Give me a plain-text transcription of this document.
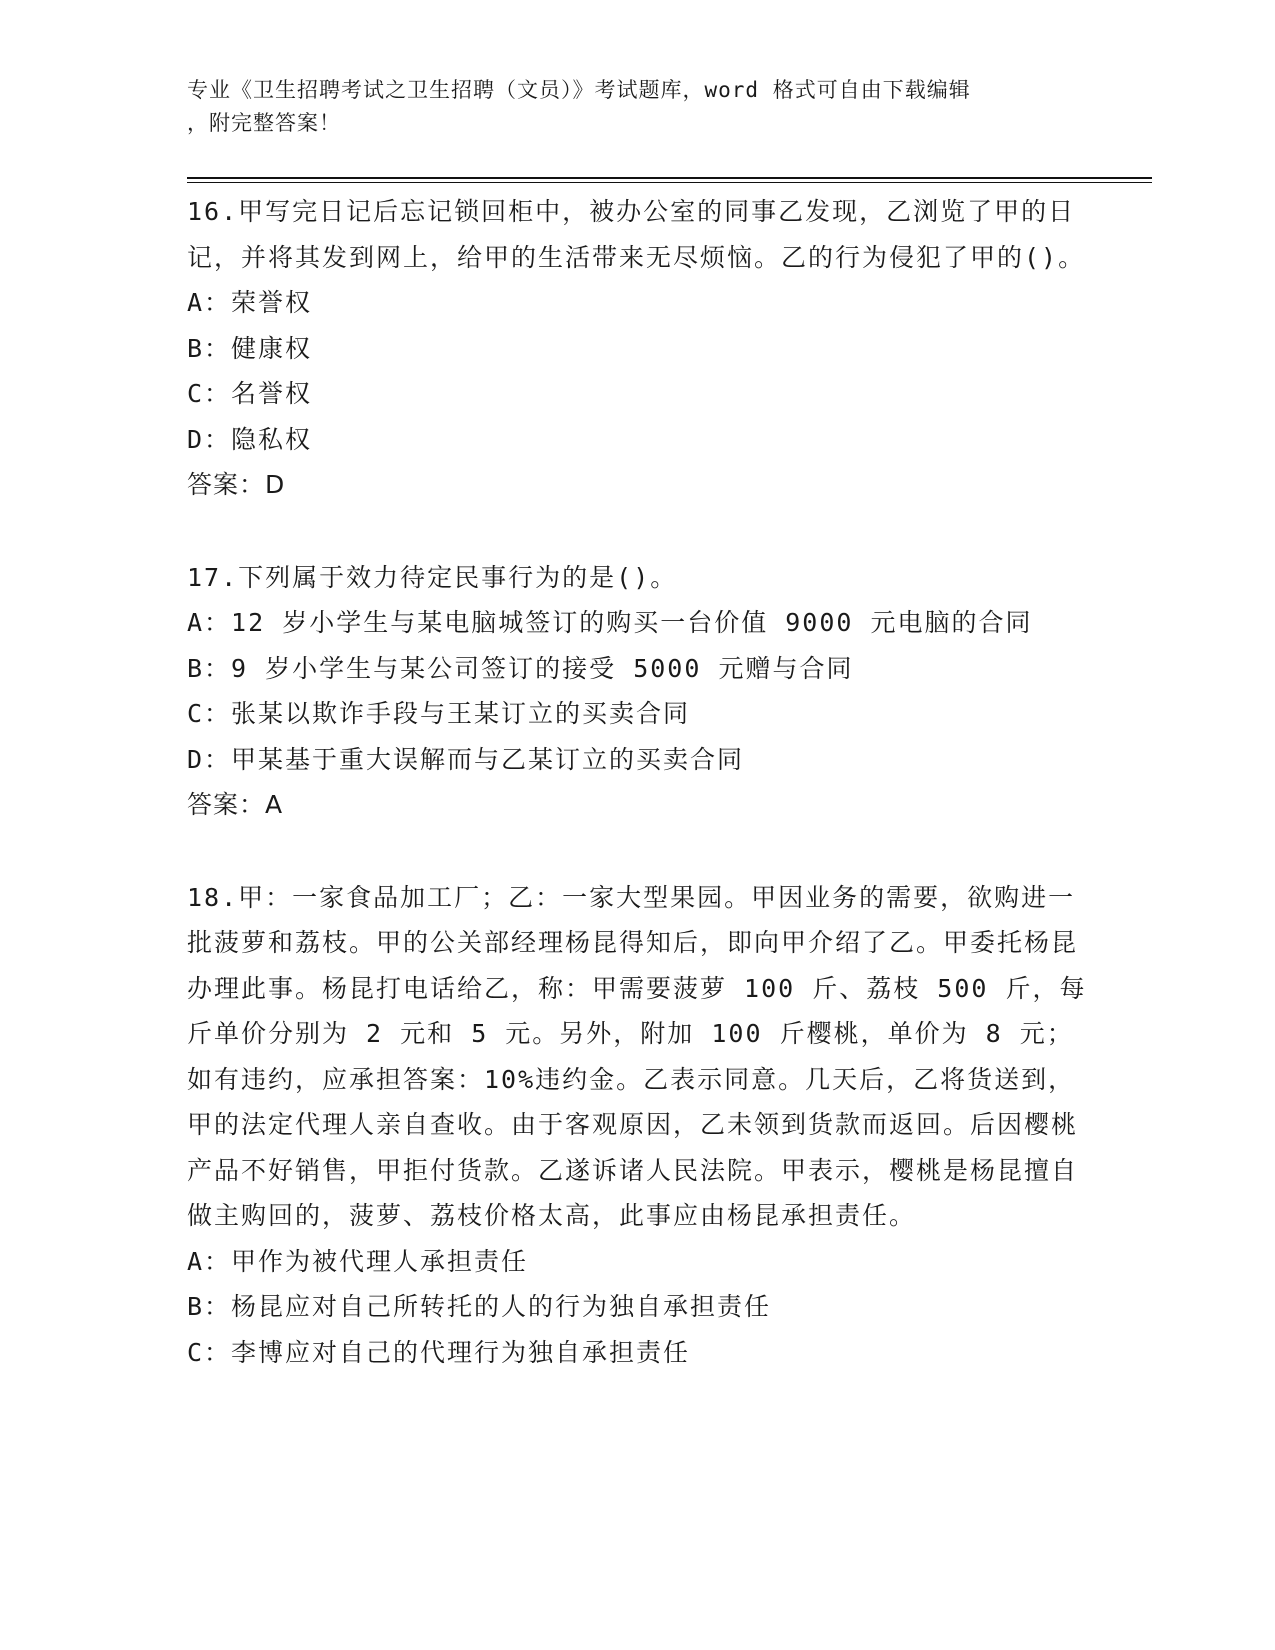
专业《卫生招聘考试之卫生招聘（文员）》考试题库，word 格式可自由下载编辑
，附完整答案！
16.甲写完日记后忘记锁回柜中，被办公室的同事乙发现，乙浏览了甲的日记，并将其发到网上，给甲的生活带来无尽烦恼。乙的行为侵犯了甲的()。
A：荣誉权
B：健康权
C：名誉权
D：隐私权
答案：D
17.下列属于效力待定民事行为的是()。
A：12 岁小学生与某电脑城签订的购买一台价值 9000 元电脑的合同
B：9 岁小学生与某公司签订的接受 5000 元赠与合同
C：张某以欺诈手段与王某订立的买卖合同
D：甲某基于重大误解而与乙某订立的买卖合同
答案：A
18.甲：一家食品加工厂；乙：一家大型果园。甲因业务的需要，欲购进一批菠萝和荔枝。甲的公关部经理杨昆得知后，即向甲介绍了乙。甲委托杨昆办理此事。杨昆打电话给乙，称：甲需要菠萝 100 斤、荔枝 500 斤，每斤单价分别为 2 元和 5 元。另外，附加 100 斤樱桃，单价为 8 元；如有违约，应承担答案：10%违约金。乙表示同意。几天后，乙将货送到，甲的法定代理人亲自查收。由于客观原因，乙未领到货款而返回。后因樱桃产品不好销售，甲拒付货款。乙遂诉诸人民法院。甲表示，樱桃是杨昆擅自做主购回的，菠萝、荔枝价格太高，此事应由杨昆承担责任。
A：甲作为被代理人承担责任
B：杨昆应对自己所转托的人的行为独自承担责任
C：李博应对自己的代理行为独自承担责任
